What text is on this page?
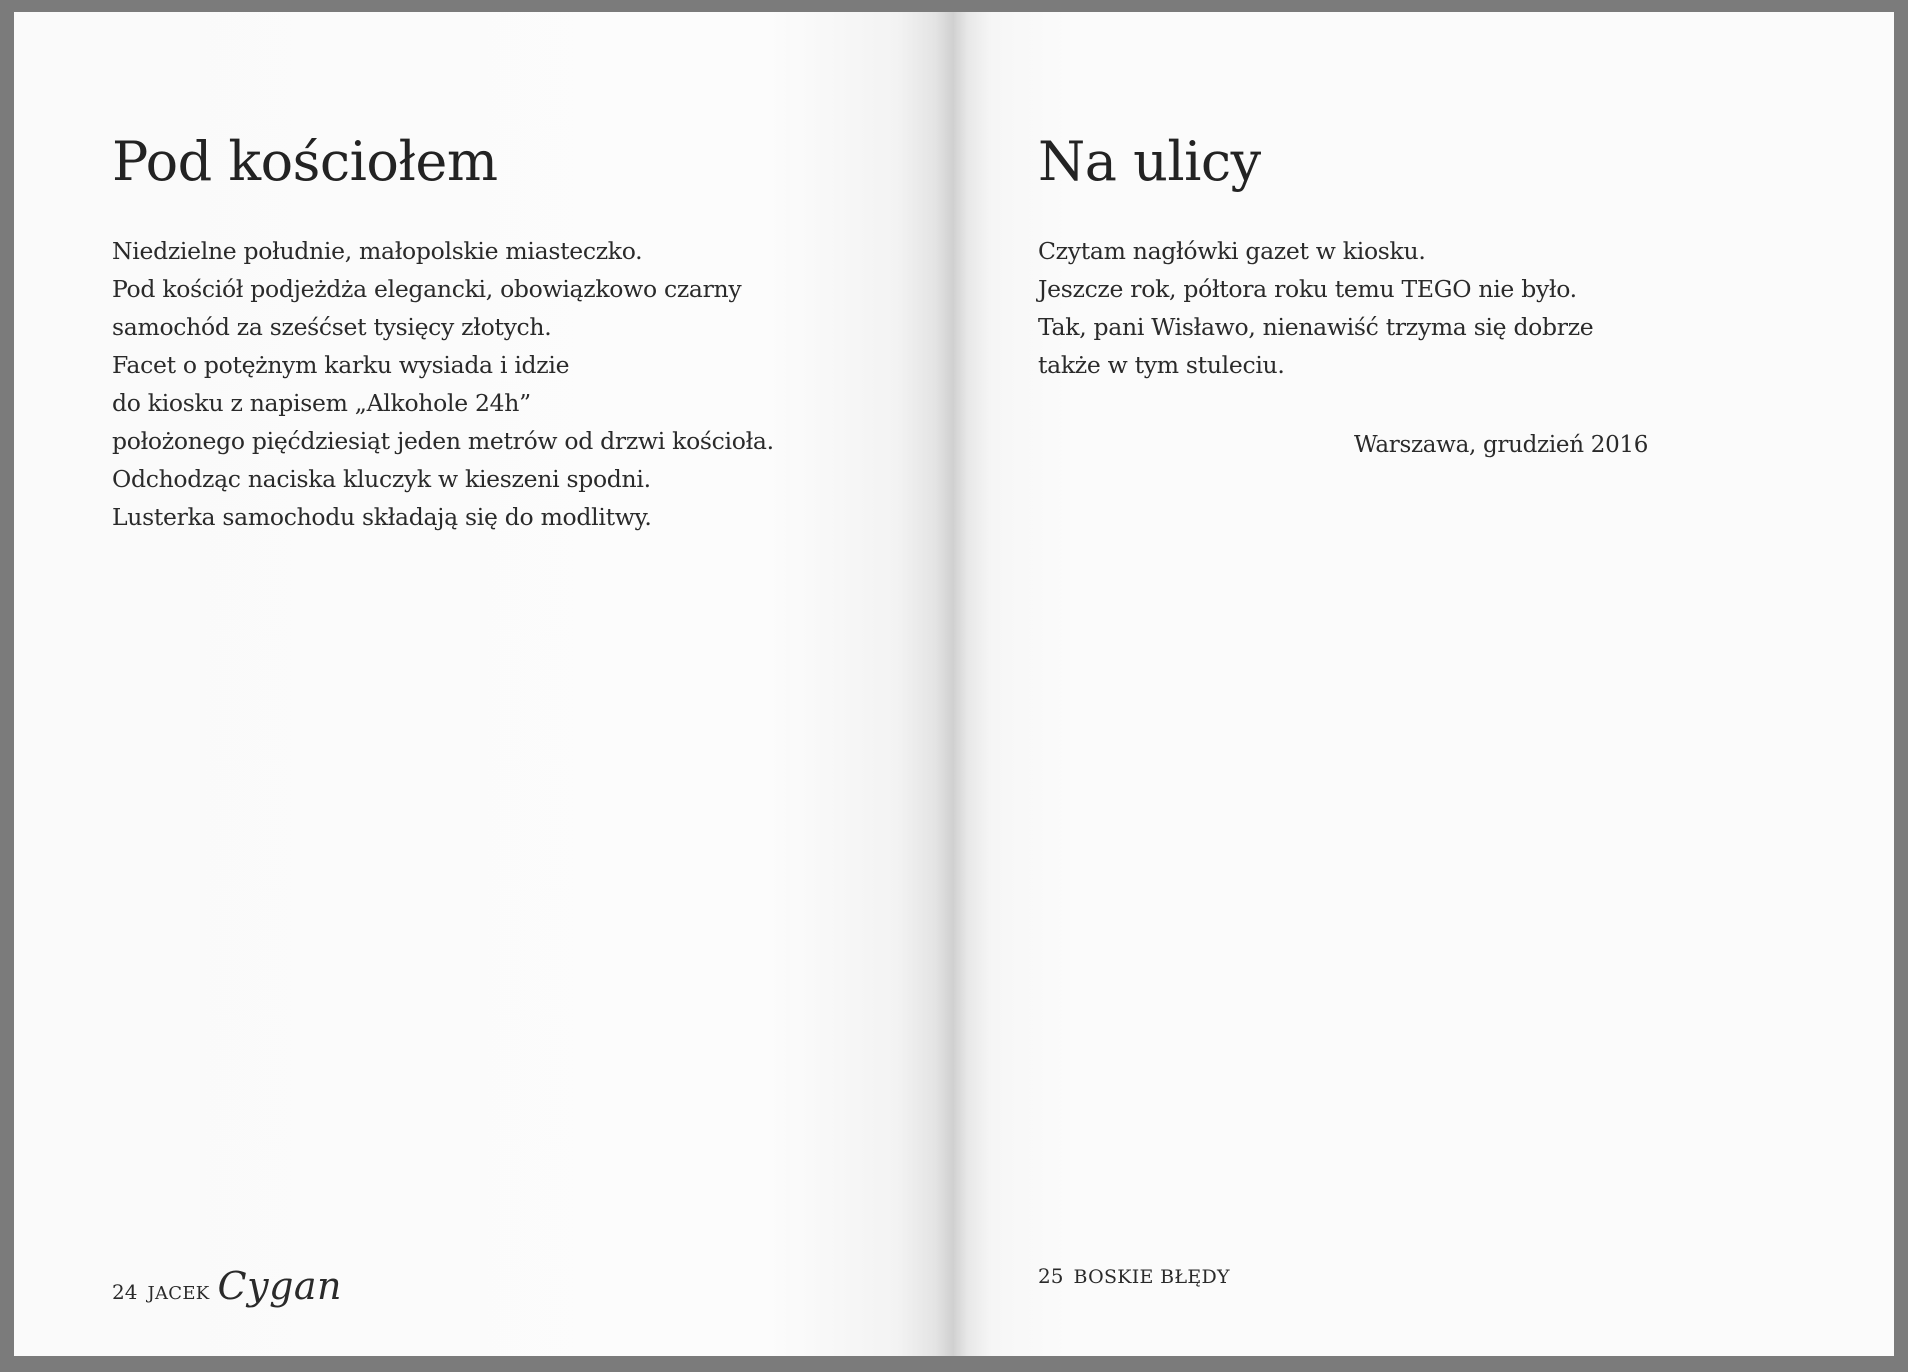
Pod kościołem
Niedzielne południe, małopolskie miasteczko.
Pod kościół podjeżdża elegancki, obowiązkowo czarny
samochód za sześćset tysięcy złotych.
Facet o potężnym karku wysiada i idzie
do kiosku z napisem „Alkohole 24h”
położonego pięćdziesiąt jeden metrów od drzwi kościoła.
Odchodząc naciska kluczyk w kieszeni spodni.
Lusterka samochodu składają się do modlitwy.
24 JACEK Cygan
Na ulicy
Czytam nagłówki gazet w kiosku.
Jeszcze rok, półtora roku temu TEGO nie było.
Tak, pani Wisławo, nienawiść trzyma się dobrze
także w tym stuleciu.
Warszawa, grudzień 2016
25 BOSKIE BŁĘDY
